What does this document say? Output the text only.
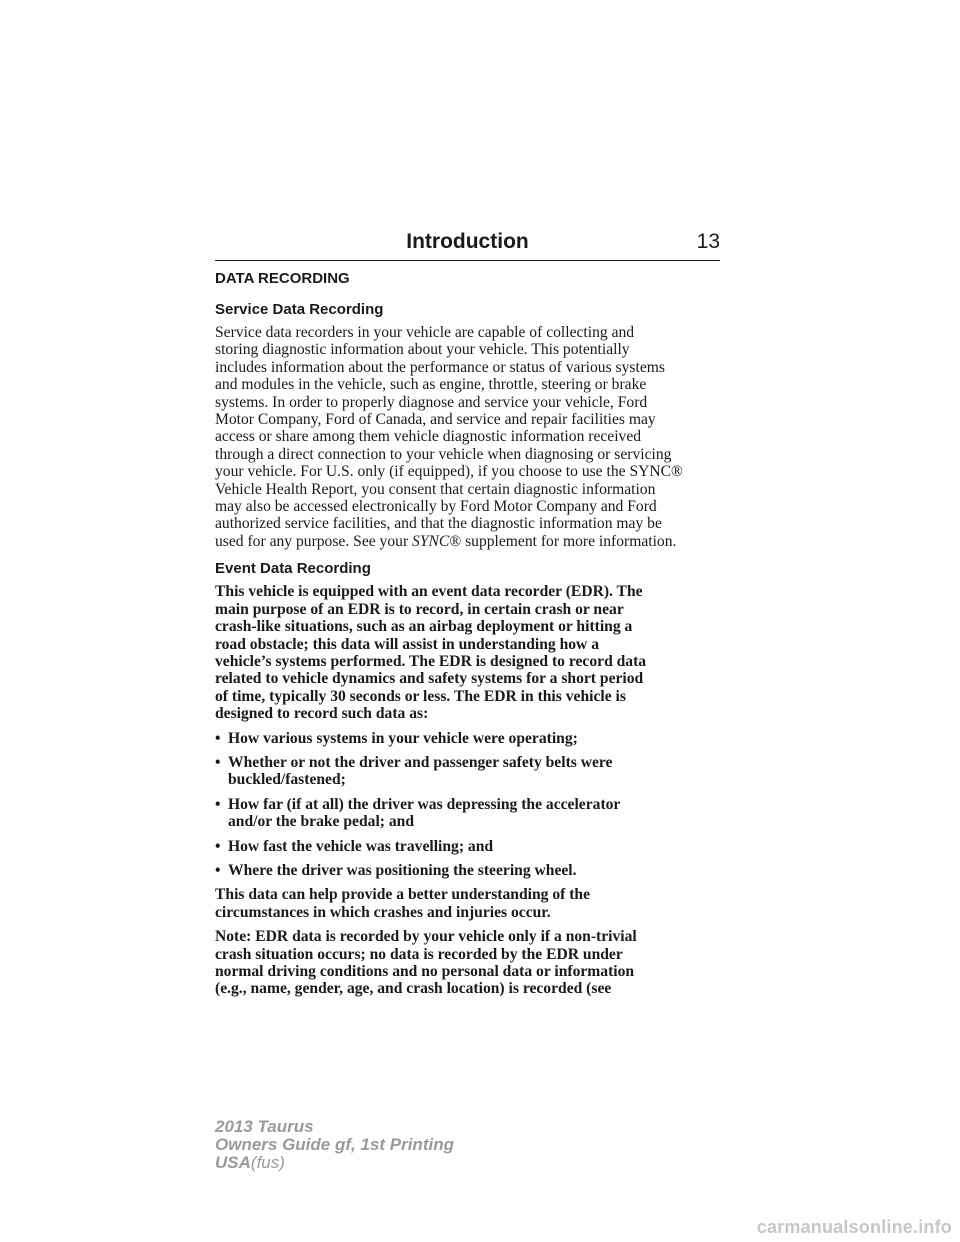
Introduction	13
DATA RECORDING
Service Data Recording

Service data recorders in your vehicle are capable of collecting and
storing diagnostic information about your vehicle. This potentially
includes information about the performance or status of various systems
and modules in the vehicle, such as engine, throttle, steering or brake
systems. In order to properly diagnose and service your vehicle, Ford
Motor Company, Ford of Canada, and service and repair facilities may
access or share among them vehicle diagnostic information received
through a direct connection to your vehicle when diagnosing or servicing
your vehicle. For U.S. only (if equipped), if you choose to use the SYNC®
Vehicle Health Report, you consent that certain diagnostic information
may also be accessed electronically by Ford Motor Company and Ford
authorized service facilities, and that the diagnostic information may be
used for any purpose. See your SYNC® supplement for more information.

Event Data Recording

This vehicle is equipped with an event data recorder (EDR). The
main purpose of an EDR is to record, in certain crash or near
crash-like situations, such as an airbag deployment or hitting a
road obstacle; this data will assist in understanding how a
vehicle’s systems performed. The EDR is designed to record data
related to vehicle dynamics and safety systems for a short period
of time, typically 30 seconds or less. The EDR in this vehicle is
designed to record such data as:

• How various systems in your vehicle were operating;
• Whether or not the driver and passenger safety belts were
buckled/fastened;
• How far (if at all) the driver was depressing the accelerator
and/or the brake pedal; and
• How fast the vehicle was travelling; and
• Where the driver was positioning the steering wheel.

This data can help provide a better understanding of the
circumstances in which crashes and injuries occur.

Note: EDR data is recorded by your vehicle only if a non-trivial
crash situation occurs; no data is recorded by the EDR under
normal driving conditions and no personal data or information
(e.g., name, gender, age, and crash location) is recorded (see

2013 Taurus
Owners Guide gf, 1st Printing
USA(fus)
carmanualsonline.info
